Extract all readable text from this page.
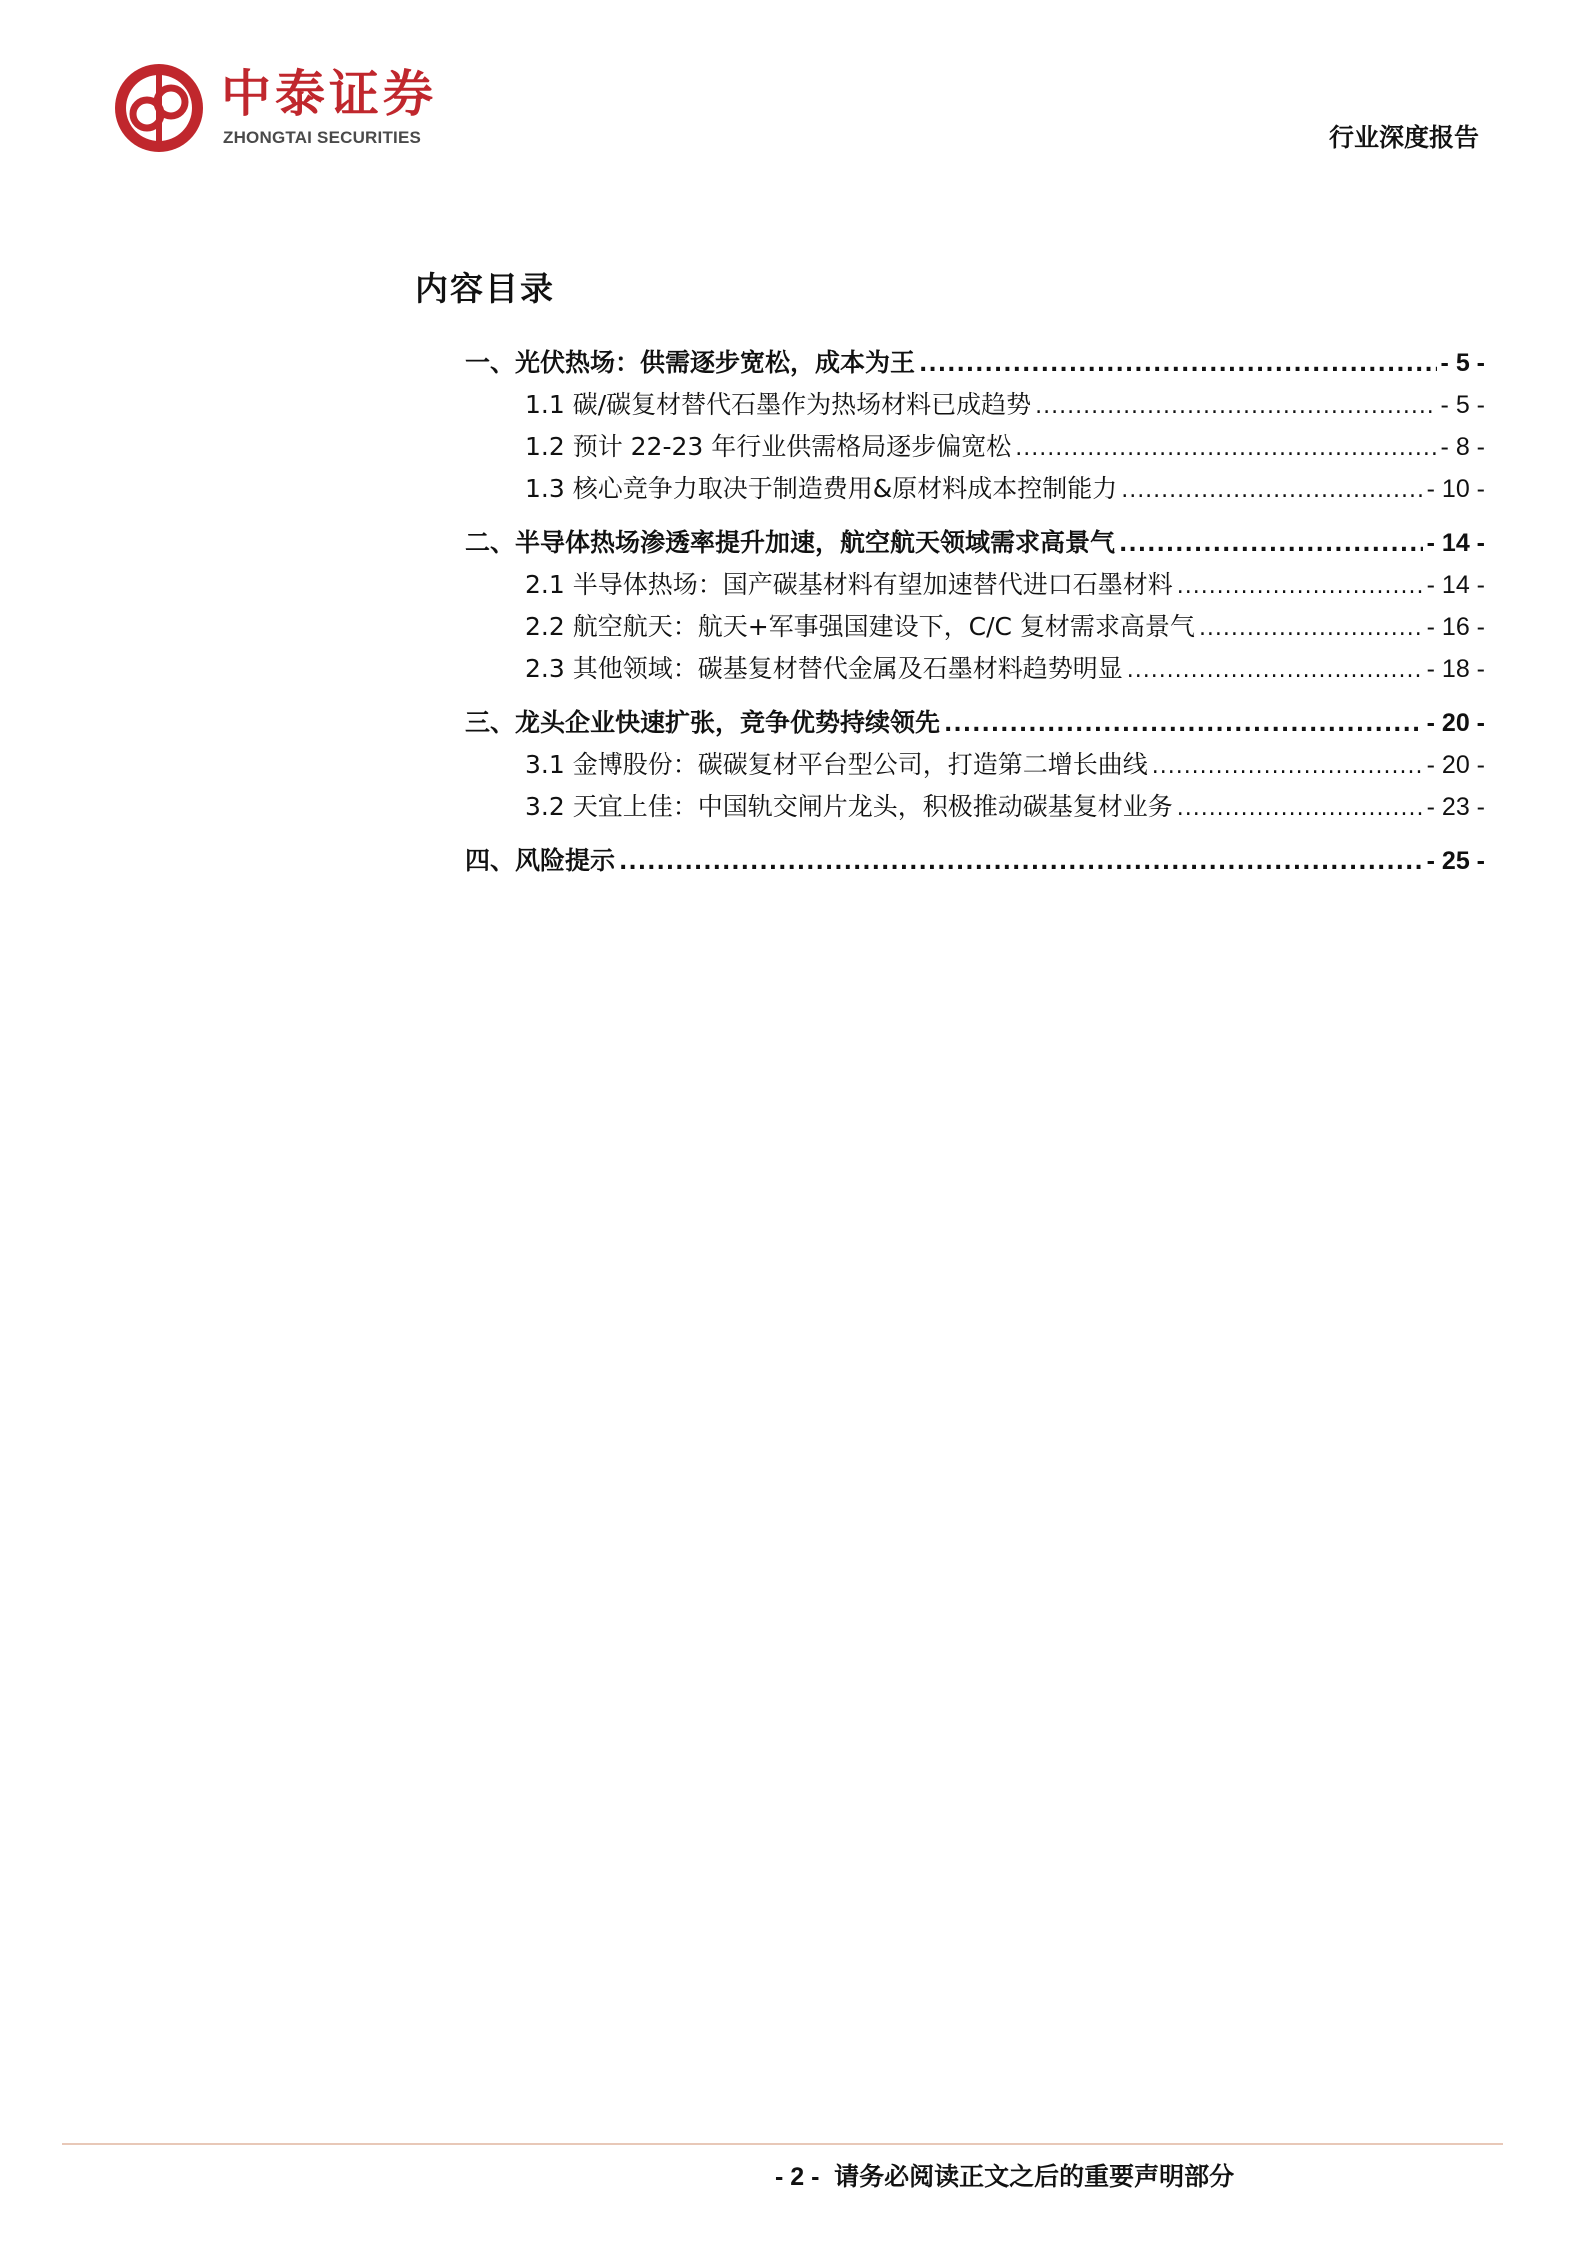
中泰证券
ZHONGTAI SECURITIES	行业深度报告
内容目录
一、光伏热场：供需逐步宽松，成本为王 .....	- 5 -
1.1 碳/碳复材替代石墨作为热场材料已成趋势 .....	- 5 -
1.2 预计 22-23 年行业供需格局逐步偏宽松 .....	- 8 -
1.3 核心竞争力取决于制造费用&原材料成本控制能力 .....	- 10 -
二、半导体热场渗透率提升加速，航空航天领域需求高景气 .....	- 14 -
2.1 半导体热场：国产碳基材料有望加速替代进口石墨材料 .....	- 14 -
2.2 航空航天：航天+军事强国建设下，C/C 复材需求高景气 .....	- 16 -
2.3 其他领域：碳基复材替代金属及石墨材料趋势明显 .....	- 18 -
三、龙头企业快速扩张，竞争优势持续领先 .....	- 20 -
3.1 金博股份：碳碳复材平台型公司，打造第二增长曲线 .....	- 20 -
3.2 天宜上佳：中国轨交闸片龙头，积极推动碳基复材业务 .....	- 23 -
四、风险提示 .....	- 25 -
- 2 - 请务必阅读正文之后的重要声明部分
